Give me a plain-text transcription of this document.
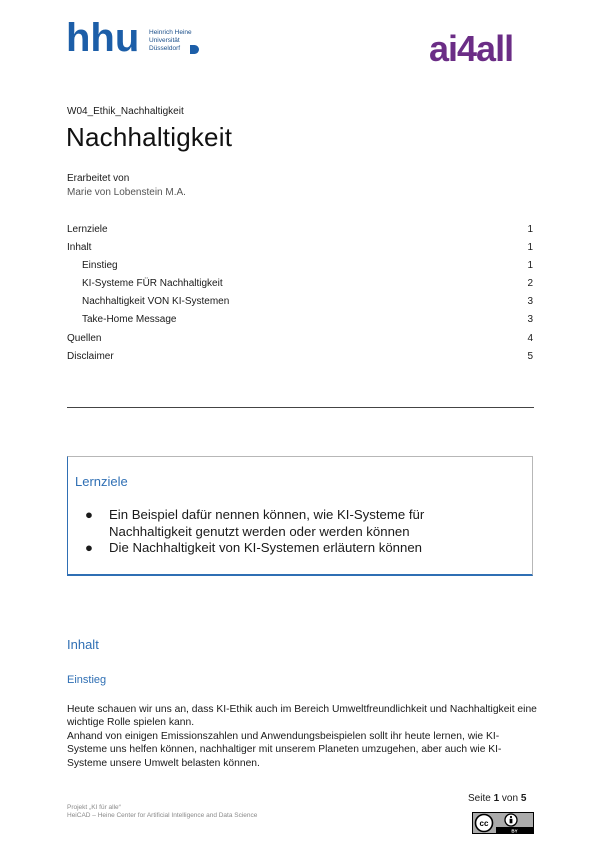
hhu Heinrich Heine
Universität
Düsseldorf	ai4all
W04_Ethik_Nachhaltigkeit
Nachhaltigkeit
Erarbeitet von
Marie von Lobenstein M.A.
Lernziele	1
Inhalt	1
Einstieg	1
KI-Systeme FÜR Nachhaltigkeit	2
Nachhaltigkeit VON KI-Systemen	3
Take-Home Message	3
Quellen	4
Disclaimer	5
Lernziele
● Ein Beispiel dafür nennen können, wie KI-Systeme für Nachhaltigkeit genutzt werden oder werden können
● Die Nachhaltigkeit von KI-Systemen erläutern können
Inhalt
Einstieg

Heute schauen wir uns an, dass KI-Ethik auch im Bereich Umweltfreundlichkeit und Nachhaltigkeit eine wichtige Rolle spielen kann.

Anhand von einigen Emissionszahlen und Anwendungsbeispielen sollt ihr heute lernen, wie KI-Systeme uns helfen können, nachhaltiger mit unserem Planeten umzugehen, aber auch wie KI-Systeme unsere Umwelt belasten können.

Projekt „KI für alle“
HeiCAD – Heine Center for Artificial Intelligence and Data Science
Seite 1 von 5
cc
BY
